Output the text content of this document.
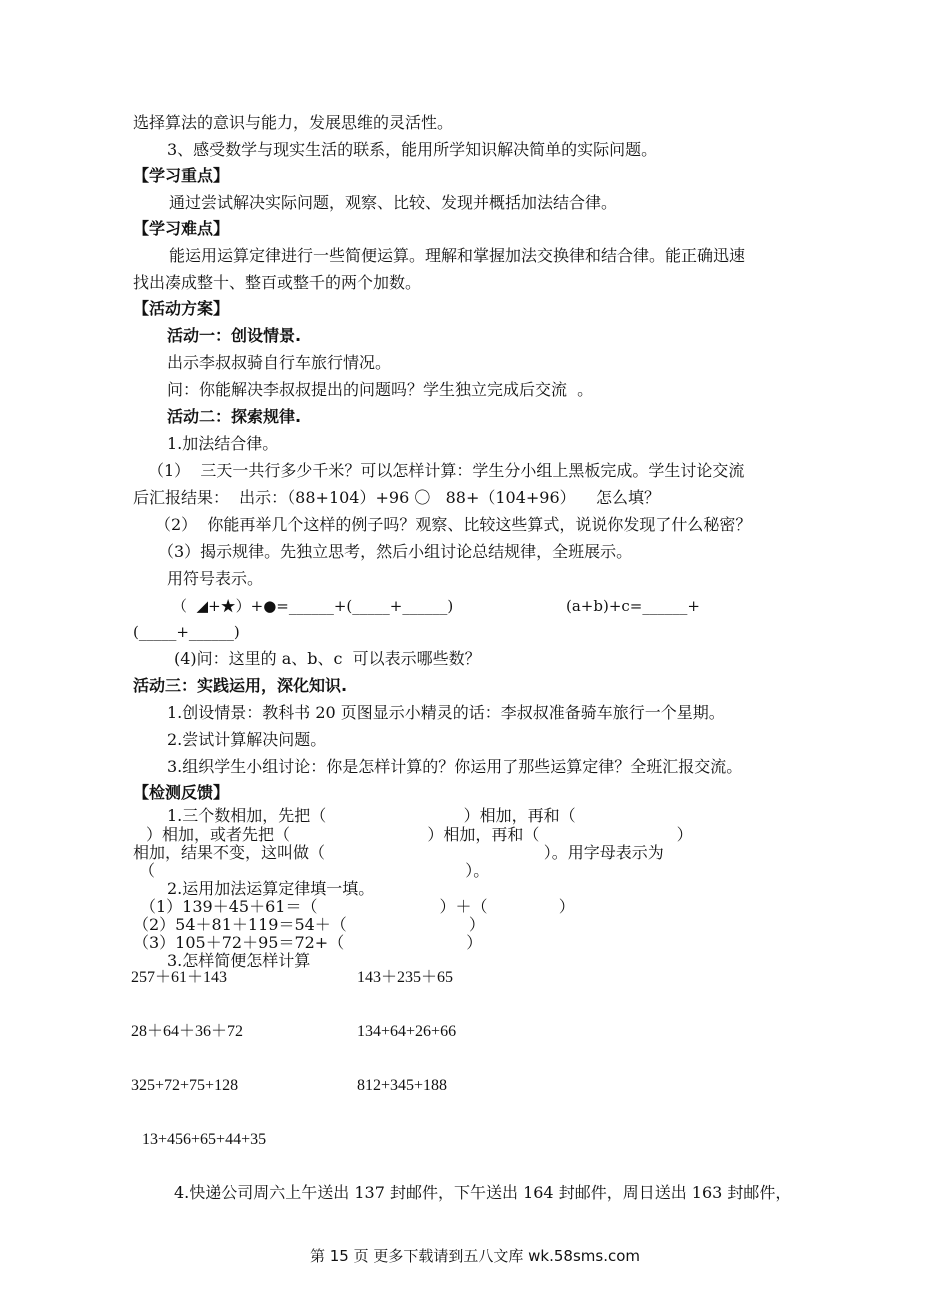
选择算法的意识与能力，发展思维的灵活性。
3、感受数学与现实生活的联系，能用所学知识解决简单的实际问题。
【学习重点】
通过尝试解决实际问题，观察、比较、发现并概括加法结合律。
【学习难点】
能运用运算定律进行一些简便运算。理解和掌握加法交换律和结合律。能正确迅速
找出凑成整十、整百或整千的两个加数。
【活动方案】
活动一：创设情景.
出示李叔叔骑自行车旅行情况。
问：你能解决李叔叔提出的问题吗？学生独立完成后交流  。
活动二：探索规律.
1.加法结合律。
（1）  三天一共行多少千米？可以怎样计算：学生分小组上黑板完成。学生讨论交流
后汇报结果：  出示：（88+104）+96 〇   88+（104+96）    怎么填？
（2）  你能再举几个这样的例子吗？观察、比较这些算式，说说你发现了什么秘密？
（3）揭示规律。先独立思考，然后小组讨论总结规律，全班展示。
用符号表示。
（  ◢+★）+●=______+(_____+______)	(a+b)+c=______+
(_____+______)
(4)问：这里的 a、b、c  可以表示哪些数？
活动三：实践运用，深化知识.
1.创设情景：教科书 20 页图显示小精灵的话：李叔叔准备骑车旅行一个星期。
2.尝试计算解决问题。
3.组织学生小组讨论：你是怎样计算的？你运用了那些运算定律？全班汇报交流。
【检测反馈】
1.三个数相加，先把（                           ）相加，再和（
）相加，或者先把（                           ）相加，再和（                           ）
相加，结果不变，这叫做（                                           ）。用字母表示为
（                                                             ）。
2.运用加法运算定律填一填。
（1）139＋45＋61＝（                        ）＋（              ）
（2）54＋81＋119＝54＋（                        ）
（3）105＋72＋95＝72+（                        ）
3.怎样简便怎样计算
257＋61＋143	143＋235＋65
28＋64＋36＋72	134+64+26+66
325+72+75+128	812+345+188
13+456+65+44+35
4.快递公司周六上午送出 137 封邮件，下午送出 164 封邮件，周日送出 163 封邮件，
第 15 页 更多下载请到五八文库 wk.58sms.com
